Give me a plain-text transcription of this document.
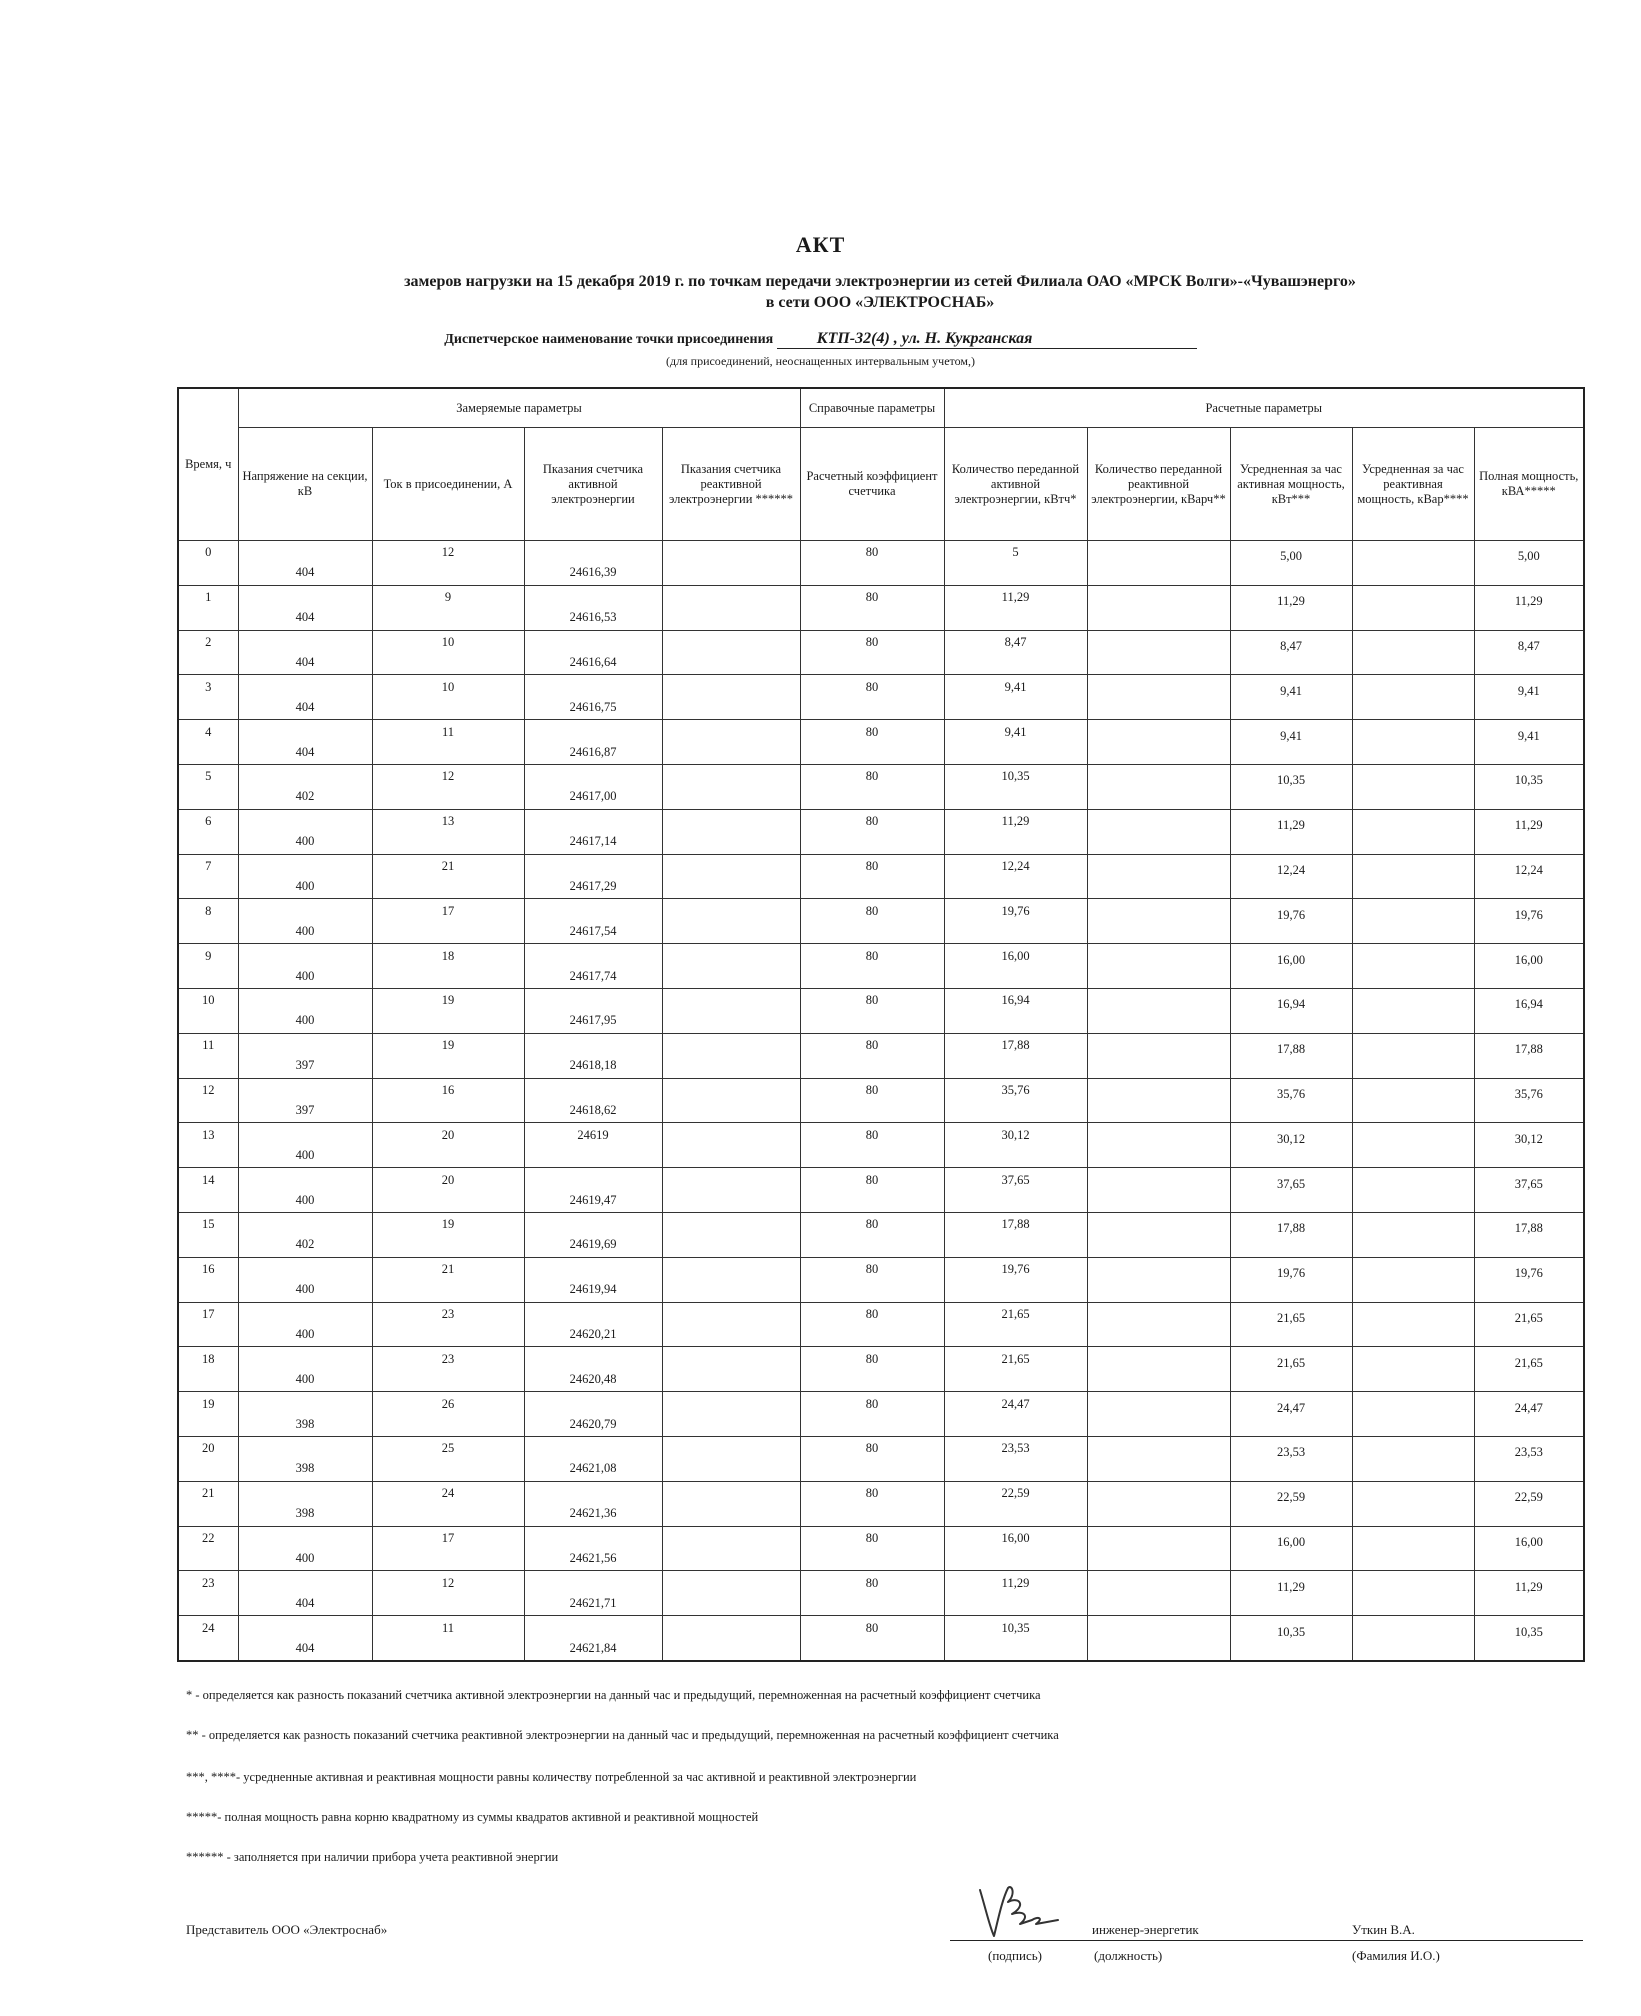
АКТ
замеров нагрузки на 15 декабря 2019 г. по точкам передачи электроэнергии из сетей Филиала ОАО «МРСК Волги»-«Чувашэнерго»
в сети ООО «ЭЛЕКТРОСНАБ»
Диспетчерское наименование точки присоединения	КТП-32(4) , ул. Н. Кукрганская
(для присоединений, неоснащенных интервальным учетом,)
Время, ч	Замеряемые параметры				Справочные параметры	Расчетные параметры				
	Напряжение на секции, кВ	Ток в присоединении, А	Пказания счетчика активной электроэнергии	Пказания счетчика реактивной электроэнергии ******	Расчетный коэффициент счетчика	Количество переданной активной электроэнергии, кВтч*	Количество переданной реактивной электроэнергии, кВарч**	Усредненная за час активная мощность, кВт***	Усредненная за час реактивная мощность, кВар****	Полная мощность, кВА*****

0	404	12	24616,39		80	5		5,00		5,00

1	404	9	24616,53		80	11,29		11,29		11,29

2	404	10	24616,64		80	8,47		8,47		8,47

3	404	10	24616,75		80	9,41		9,41		9,41

4	404	11	24616,87		80	9,41		9,41		9,41

5	402	12	24617,00		80	10,35		10,35		10,35

6	400	13	24617,14		80	11,29		11,29		11,29

7	400	21	24617,29		80	12,24		12,24		12,24

8	400	17	24617,54		80	19,76		19,76		19,76

9	400	18	24617,74		80	16,00		16,00		16,00

10	400	19	24617,95		80	16,94		16,94		16,94

11	397	19	24618,18		80	17,88		17,88		17,88

12	397	16	24618,62		80	35,76		35,76		35,76

13	400	20	24619		80	30,12		30,12		30,12

14	400	20	24619,47		80	37,65		37,65		37,65

15	402	19	24619,69		80	17,88		17,88		17,88

16	400	21	24619,94		80	19,76		19,76		19,76

17	400	23	24620,21		80	21,65		21,65		21,65

18	400	23	24620,48		80	21,65		21,65		21,65

19	398	26	24620,79		80	24,47		24,47		24,47

20	398	25	24621,08		80	23,53		23,53		23,53

21	398	24	24621,36		80	22,59		22,59		22,59

22	400	17	24621,56		80	16,00		16,00		16,00

23	404	12	24621,71		80	11,29		11,29		11,29

24	404	11	24621,84		80	10,35		10,35		10,35
* - определяется как разность показаний счетчика активной электроэнергии на данный час и предыдущий, перемноженная на расчетный коэффициент счетчика
** - определяется как разность показаний счетчика реактивной электроэнергии на данный час и предыдущий, перемноженная на расчетный коэффициент счетчика
***, ****- усредненные активная и реактивная мощности равны количеству потребленной за час активной и реактивной электроэнергии
*****- полная мощность равна корню квадратному из суммы квадратов активной и реактивной мощностей
****** - заполняется при наличии прибора учета реактивной энергии
Представитель ООО «Электроснаб»	инженер-энергетик	Уткин В.А.
(подпись)	(должность)	(Фамилия И.О.)
